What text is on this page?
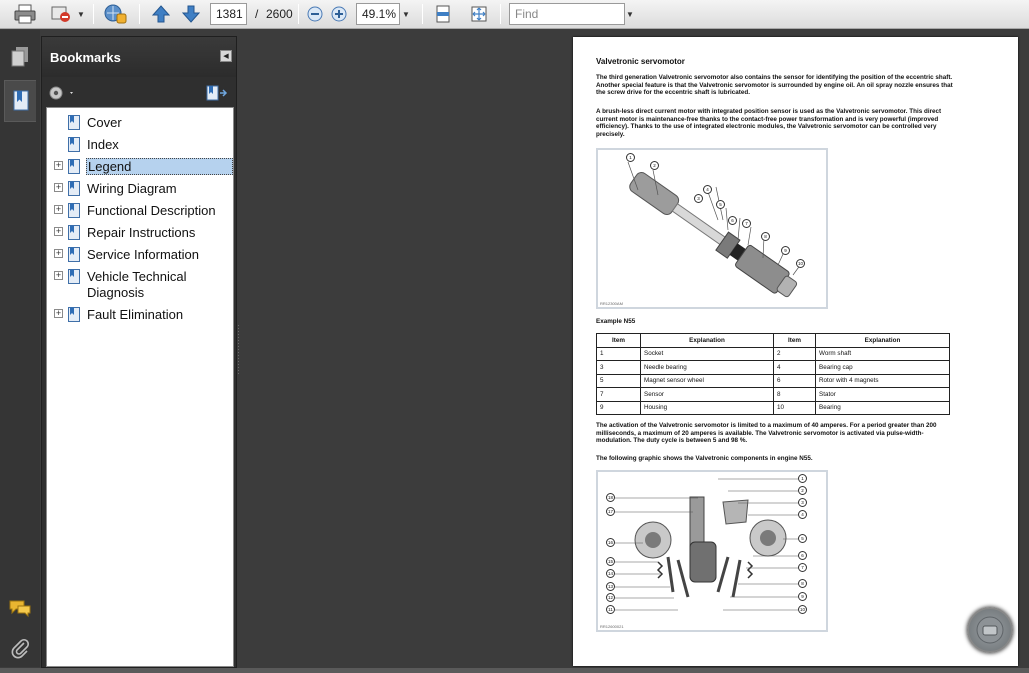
▼	1381	/ 2600	49.1% ▼	Find	▼
Bookmarks	◀
Cover
Index
+ Legend
+ Wiring Diagram
+ Functional Description
+ Repair Instructions
+ Service Information
+ Vehicle Technical
Diagnosis
+ Fault Elimination
Valvetronic servomotor
The third generation Valvetronic servomotor also contains the sensor for identifying the position of the eccentric shaft. Another special feature is that the Valvetronic servomotor is surrounded by engine oil. An oil spray nozzle ensures that the screw drive for the eccentric shaft is lubricated.
A brush-less direct current motor with integrated position sensor is used as the Valvetronic servomotor. This direct current motor is maintenance-free thanks to the contact-free power transformation and is very powerful (improved efficiency). Thanks to the use of integrated electronic modules, the Valvetronic servomotor can be controlled very precisely.
1
2
3
4
5
6
7
8
9
10
RR12300AM
Example N55
Item	Explanation	Item	Explanation
1	Socket	2	Worm shaft
3	Needle bearing	4	Bearing cap
5	Magnet sensor wheel	6	Rotor with 4 magnets
7	Sensor	8	Stator
9	Housing	10	Bearing
The activation of the Valvetronic servomotor is limited to a maximum of 40 amperes. For a period greater than 200 milliseconds, a maximum of 20 amperes is available. The Valvetronic servomotor is activated via pulse-width-modulation. The duty cycle is between 5 and 98 %.
The following graphic shows the Valvetronic components in engine N55.
18
17
16
15
14
13
12
11
1
2
3
4
5
6
7
8
9
10
RR12600021
